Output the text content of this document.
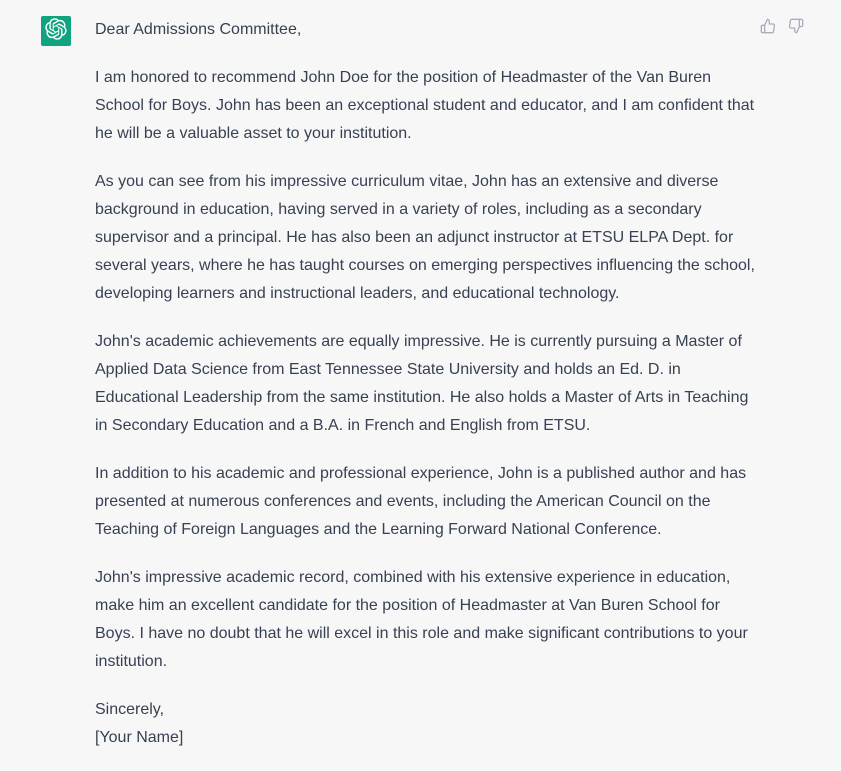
Dear Admissions Committee,

I am honored to recommend John Doe for the position of Headmaster of the Van Buren School for Boys. John has been an exceptional student and educator, and I am confident that he will be a valuable asset to your institution.

As you can see from his impressive curriculum vitae, John has an extensive and diverse background in education, having served in a variety of roles, including as a secondary supervisor and a principal. He has also been an adjunct instructor at ETSU ELPA Dept. for several years, where he has taught courses on emerging perspectives influencing the school, developing learners and instructional leaders, and educational technology.

John's academic achievements are equally impressive. He is currently pursuing a Master of Applied Data Science from East Tennessee State University and holds an Ed. D. in Educational Leadership from the same institution. He also holds a Master of Arts in Teaching in Secondary Education and a B.A. in French and English from ETSU.

In addition to his academic and professional experience, John is a published author and has presented at numerous conferences and events, including the American Council on the Teaching of Foreign Languages and the Learning Forward National Conference.

John's impressive academic record, combined with his extensive experience in education, make him an excellent candidate for the position of Headmaster at Van Buren School for Boys. I have no doubt that he will excel in this role and make significant contributions to your institution.

Sincerely,

[Your Name]
